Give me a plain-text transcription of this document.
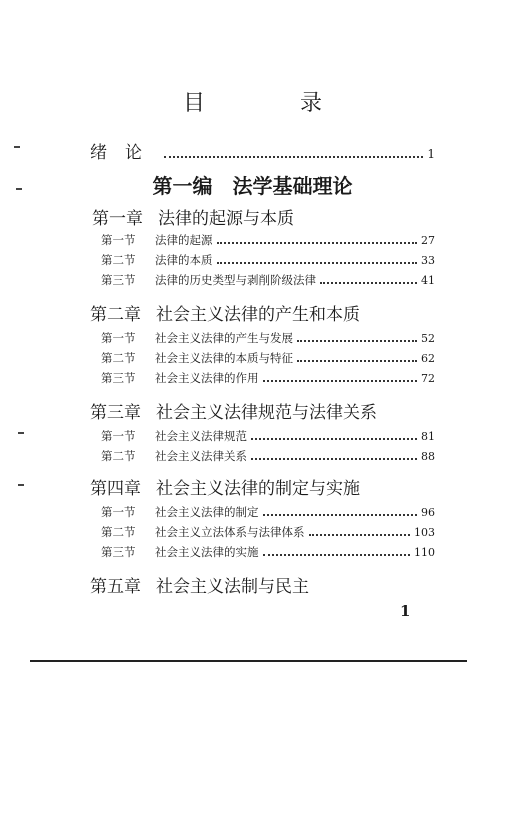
目 录
绪论	1
第一编　法学基础理论
第一章 法律的起源与本质
第一节	法律的起源	27
第二节	法律的本质	33
第三节	法律的历史类型与剥削阶级法律	41
第二章 社会主义法律的产生和本质
第一节	社会主义法律的产生与发展	52
第二节	社会主义法律的本质与特征	62
第三节	社会主义法律的作用	72
第三章 社会主义法律规范与法律关系
第一节	社会主义法律规范	81
第二节	社会主义法律关系	88
第四章 社会主义法律的制定与实施
第一节	社会主义法律的制定	96
第二节	社会主义立法体系与法律体系	103
第三节	社会主义法律的实施	110
第五章 社会主义法制与民主
1
